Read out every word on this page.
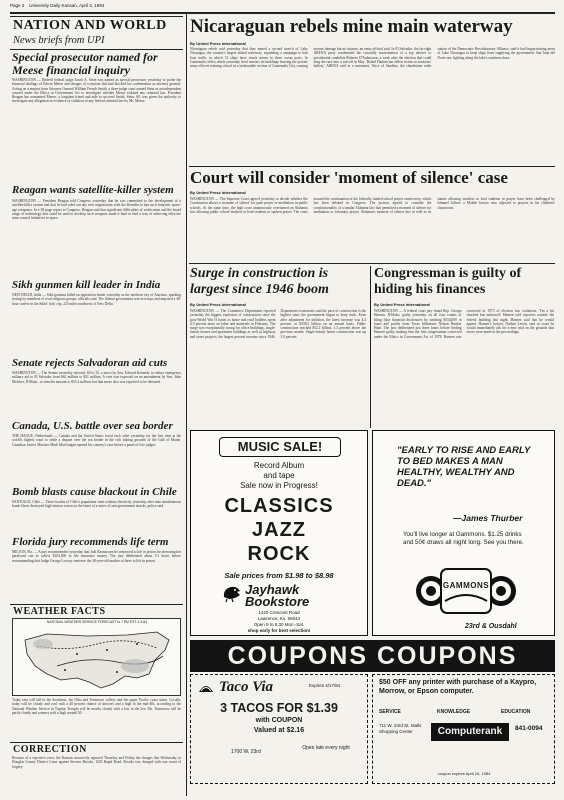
Page 2 University Daily Kansan, April 3, 1984
NATION AND WORLD
News briefs from UPI
Special prosecutor named for Meese financial inquiry
WASHINGTON — Retired federal judge Jacob A. Stein was named as special prosecutor yesterday to probe the financial dealings of Edwin Meese and charges of cronyism that had blocked his confirmation as attorney general. Acting on a request from Attorney General William French Smith, a three-judge court named Stein as an independent counsel under the Ethics in Government Act to investigate whether Meese violated any criminal law. President Reagan has nominated Meese, a longtime friend and aide to succeed Smith. Stein, 68, was given the authority to investigate any allegation or evidence of violation of any federal criminal law by Mr. Meese.
Reagan wants satellite-killer system
WASHINGTON — President Reagan told Congress yesterday that he was committed to the development of a satellite-killer system and that he had ruled out any new negotiations with the Kremlin to ban such futuristic space-age weaponry. In a 38-page report to Congress, Reagan said that significant difficulties of verification and the broad range of technology that could be used to develop such weapons made it hard to find a way of achieving effective arms control initiatives in space.
Sikh gunmen kill leader in India
NEW DELHI, India — Sikh gunmen killed an opposition leader yesterday as the northern city of Amritsar, sparking rioting by members of rival religious groups, officials said. The federal government sent in troops and imposed a 48-hour curfew in the Sikhs' holy city, 225 miles northwest of New Delhi.
Senate rejects Salvadoran aid cuts
WASHINGTON — The Senate yesterday rejected, 60 to 35, a move by Sen. Edward Kennedy to reduce emergency military aid to El Salvador from $62 million to $21 million. A vote was expected on an amendment by Sen. John Melcher, D-Mont., to trim the amount to $55.4 million, but that move also was expected to be defeated.
Canada, U.S. battle over sea border
THE HAGUE, Netherlands — Canada and the United States faced each other yesterday for the first time at the world's highest court to settle a dispute over the sea border in the rich fishing grounds of the Gulf of Maine. Canadian Justice Minister Mark MacGuigan opened his country's case before a panel of five judges.
Bomb blasts cause blackout in Chile
SANTIAGO, Chile — Three-fourths of Chile's population went without electricity yesterday after nine simultaneous bomb blasts destroyed high-tension towers in the latest of a series of anti-government attacks, police said.
Florida jury recommends life term
MILTON, Fla. — A jury recommended yesterday that Jodi Rasmussen be sentenced to life in prison for drowning her paralyzed son to collect $104,000 in life insurance money. The jury deliberated about 1½ hours before recommending that Judge George Lowrey sentence the 40-year-old mother of three to life in prison.
WEATHER FACTS
NATIONAL WEATHER SERVICE FORECAST to 7 PM EST 4-3-84
Today rain will fall in the Southeast, the Ohio and Tennessee valleys and the upper Pacific coast states. Locally, today will be cloudy and cool with a 40 percent chance of showers and a high in the mid-40s, according to the National Weather Service in Topeka. Tonight will be mostly cloudy with a low in the low 30s. Tomorrow will be partly cloudy and warmer with a high around 50.
CORRECTION
Because of a reporter's error, the Kansan incorrectly reported Thursday and Friday the charges that Wednesday in Douglas County District Court against Stevens Brooks, 1035 Rapid Road. Brooks was charged with one count of forgery.
Nicaraguan rebels mine main waterway
By United Press International
Nicaraguan rebels said yesterday that they mined a second stretch of Lake Nicaragua, the country's largest inland waterway, expanding a campaign to halt boat traffic in which 12 ships have struck mines in three ocean ports. In Guatemala, leftist rebels yesterday fired mortars on buildings housing the private army officers training school in a fashionable section of Guatemala City, causing serious damage but no injuries, an army official said. In El Salvador, the far-right ARENA party condemned the cowardly assassination of a top adviser to presidential candidate Roberto D'Aubuisson, a week after the election that could drag the race into a run-off in May. 'Rafael Hadam has fallen victim to assassins' bullets,' ARENA said in a statement. Voice of Sandino, the clandestine radio station of the Democratic Revolutionary Alliance, said it had begun mining areas of Lake Nicaragua to keep ships from supplying the government. San Juan del Norte saw fighting along the lake's southern shore.
Court will consider 'moment of silence' case
By United Press International
WASHINGTON — The Supreme Court agreed yesterday to decide whether the Constitution allows a 'moment of silence' for quiet prayer or meditation in public schools. At the same time, the high court unanimously overturned an Alabama law allowing public school teachers to lead students in spoken prayer. The court assured the continuation of the federally funded school prayer controversy, which has been debated in Congress. The justices agreed to consider the constitutionality of a similar Alabama law that permitted a moment of silence for meditation or voluntary prayer. Alabama's moment of silence law as well as its statute allowing teachers to lead students in prayer have been challenged by Ishmael Jaffree, a Mobile lawyer who objected to prayers in his children's classrooms.
Surge in construction is largest since 1946 boom
By United Press International
WASHINGTON — The Commerce Department reported yesterday the biggest explosion of construction since the post-World War II boom as home and road builders spent 4.9 percent more on labor and materials in February. The surge was exceptionally strong for office buildings, single-family houses and apartment buildings as well as highway and street projects, the largest percent increase since 1946. Department economists said the pace of construction is the highest since the government began to keep track. Even after adjustment for inflation, the latest increase was 4.4 percent, to $338.2 billion on an annual basis. Public construction reached $52.2 billion, 1.3 percent above the previous month. Single-family house construction was up 3.9 percent.
Congressman is guilty of hiding his finances
By United Press International
WASHINGTON — A federal court jury found Rep. George Hansen, R-Idaho, guilty yesterday on all four counts of filing false financial disclosures by omitting $334,000 in loans and profits from Texas billionaire Nelson Bunker Hunt. The jury deliberated just three hours before finding Hansen guilty, making him the first congressman convicted under the Ethics in Government Act of 1978. Hansen was convicted in 1975 of election law violations. 'I'm a bit shocked but unbowed,' Hansen told reporters outside the federal building last night. Hansen said that he would appeal. Hansen's lawyer, Nathan Lewin, said in court he would immediately ask for a new trial on the grounds that errors were made in the proceedings.
MUSIC SALE!
Record Album
and tape
Sale now in Progress!
CLASSICS
JAZZ
ROCK
Sale prices from $1.98 to $8.98
Jayhawk
Bookstore
1420 Crescent Road
Lawrence, Ks. 66044
Open 9 to 5:30 Mon.-Sat.
shop early for best selection!
"EARLY TO RISE AND EARLY TO BED MAKES A MAN HEALTHY, WEALTHY AND DEAD."
—James Thurber
You'll live longer at Gammons. $1.25 drinks and 50¢ draws all night long. See you there.
GAMMONS
23rd & Ousdahl
COUPONS COUPONS
Taco Via	Expires 4/17/84
3 TACOS FOR $1.39
with COUPON
Valued at $2.16
1700 W. 23rd
Open late every night
$50 OFF any printer with purchase of a Kaypro, Morrow, or Epson computer.
SERVICE	KNOWLEDGE	EDUCATION
711 W. 23rd St. Malls Shopping Center	Computerank	841-0094
coupon expires April 15, 1984
